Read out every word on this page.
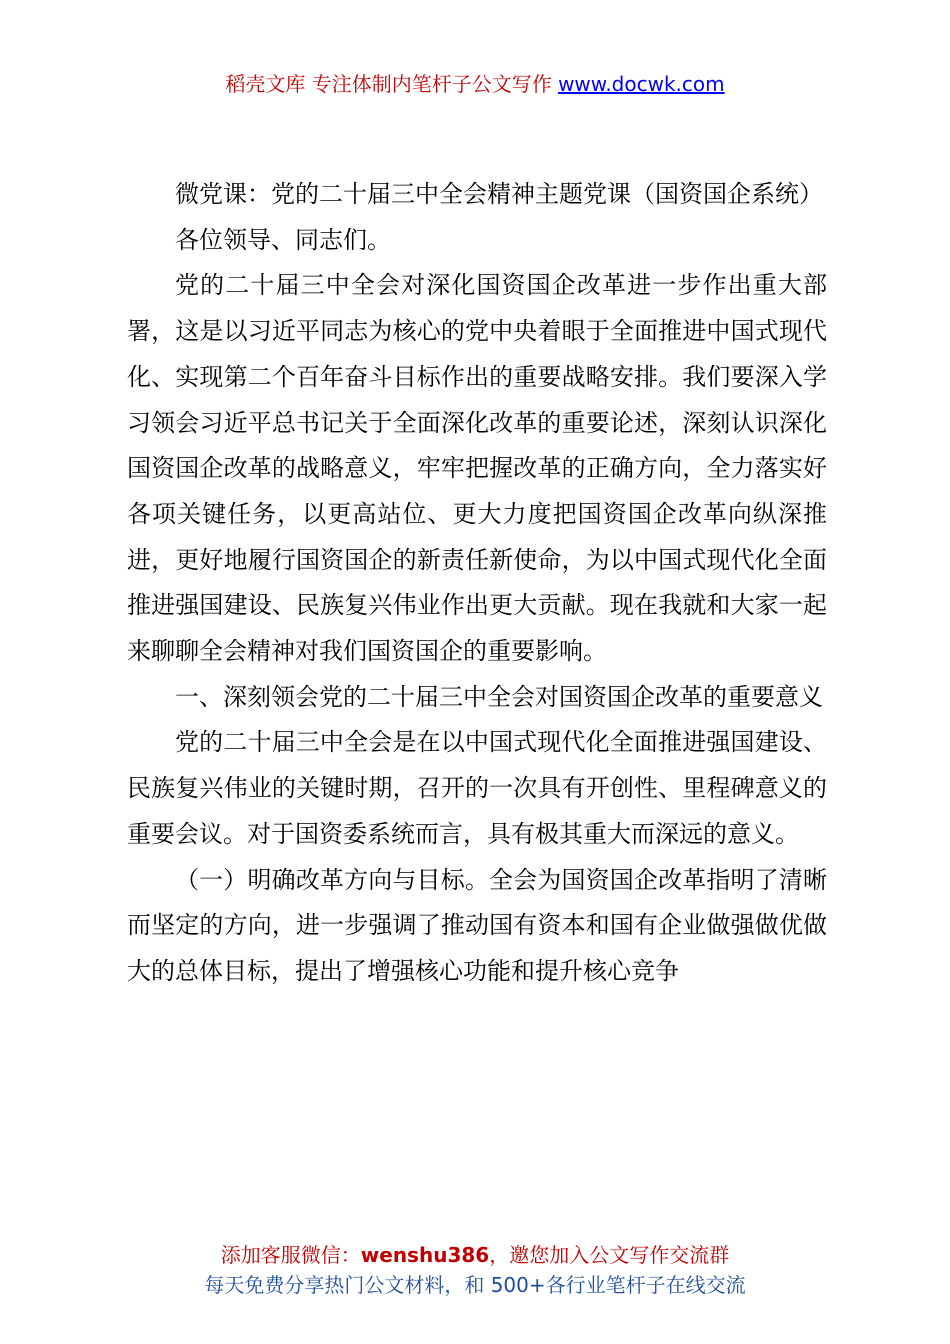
稻壳文库 专注体制内笔杆子公文写作 www.docwk.com

微党课：党的二十届三中全会精神主题党课（国资国企系统）

各位领导、同志们。

党的二十届三中全会对深化国资国企改革进一步作出重大部署，这是以习近平同志为核心的党中央着眼于全面推进中国式现代化、实现第二个百年奋斗目标作出的重要战略安排。我们要深入学习领会习近平总书记关于全面深化改革的重要论述，深刻认识深化国资国企改革的战略意义，牢牢把握改革的正确方向，全力落实好各项关键任务，以更高站位、更大力度把国资国企改革向纵深推进，更好地履行国资国企的新责任新使命，为以中国式现代化全面推进强国建设、民族复兴伟业作出更大贡献。现在我就和大家一起来聊聊全会精神对我们国资国企的重要影响。

一、深刻领会党的二十届三中全会对国资国企改革的重要意义

党的二十届三中全会是在以中国式现代化全面推进强国建设、民族复兴伟业的关键时期，召开的一次具有开创性、里程碑意义的重要会议。对于国资委系统而言，具有极其重大而深远的意义。

（一）明确改革方向与目标。全会为国资国企改革指明了清晰而坚定的方向，进一步强调了推动国有资本和国有企业做强做优做大的总体目标，提出了增强核心功能和提升核心竞争

添加客服微信：wenshu386，邀您加入公文写作交流群
每天免费分享热门公文材料，和 500+各行业笔杆子在线交流
